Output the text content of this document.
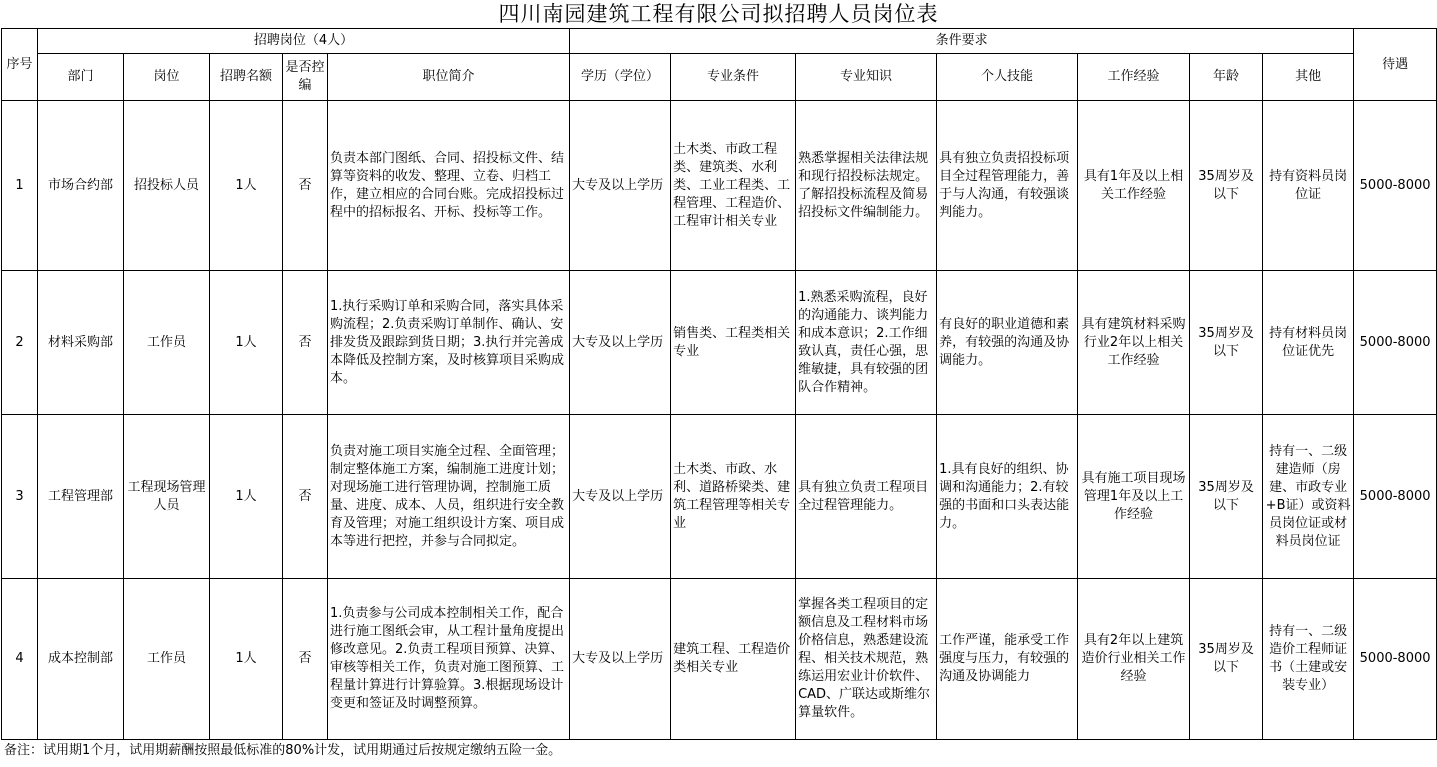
四川南园建筑工程有限公司拟招聘人员岗位表
序号	招聘岗位（4人）					条件要求							待遇
	部门	岗位	招聘名额	是否控编	职位简介	学历（学位）	专业条件	专业知识	个人技能	工作经验	年龄	其他	
1	市场合约部	招投标人员	1人	否	负责本部门图纸、合同、招投标文件、结算等资料的收发、整理、立卷、归档工作，建立相应的合同台账。完成招投标过程中的招标报名、开标、投标等工作。	大专及以上学历	土木类、市政工程类、建筑类、水利类、工业工程类、工程管理、工程造价、工程审计相关专业	熟悉掌握相关法律法规和现行招投标法规定。了解招投标流程及简易招投标文件编制能力。	具有独立负责招投标项目全过程管理能力，善于与人沟通，有较强谈判能力。	具有1年及以上相关工作经验	35周岁及以下	持有资料员岗位证	5000-8000
2	材料采购部	工作员	1人	否	1.执行采购订单和采购合同，落实具体采购流程；2.负责采购订单制作、确认、安排发货及跟踪到货日期；3.执行并完善成本降低及控制方案，及时核算项目采购成本。	大专及以上学历	销售类、工程类相关专业	1.熟悉采购流程，良好的沟通能力、谈判能力和成本意识；2.工作细致认真，责任心强，思维敏捷，具有较强的团队合作精神。	有良好的职业道德和素养，有较强的沟通及协调能力。	具有建筑材料采购行业2年以上相关工作经验	35周岁及以下	持有材料员岗位证优先	5000-8000
3	工程管理部	工程现场管理人员	1人	否	负责对施工项目实施全过程、全面管理；制定整体施工方案，编制施工进度计划；对现场施工进行管理协调，控制施工质量、进度、成本、人员，组织进行安全教育及管理；对施工组织设计方案、项目成本等进行把控，并参与合同拟定。	大专及以上学历	土木类、市政、水利、道路桥梁类、建筑工程管理等相关专业	具有独立负责工程项目全过程管理能力。	1.具有良好的组织、协调和沟通能力；2.有较强的书面和口头表达能力。	具有施工项目现场管理1年及以上工作经验	35周岁及以下	持有一、二级建造师（房建、市政专业+B证）或资料员岗位证或材料员岗位证	5000-8000
4	成本控制部	工作员	1人	否	1.负责参与公司成本控制相关工作，配合进行施工图纸会审，从工程计量角度提出修改意见。2.负责工程项目预算、决算、审核等相关工作，负责对施工图预算、工程量计算进行计算验算。3.根据现场设计变更和签证及时调整预算。	大专及以上学历	建筑工程、工程造价类相关专业	掌握各类工程项目的定额信息及工程材料市场价格信息，熟悉建设流程、相关技术规范，熟练运用宏业计价软件、CAD、广联达或斯维尔算量软件。	工作严谨，能承受工作强度与压力，有较强的沟通及协调能力	具有2年以上建筑造价行业相关工作经验	35周岁及以下	持有一、二级造价工程师证书（土建或安装专业）	5000-8000
备注：试用期1个月，试用期薪酬按照最低标准的80%计发，试用期通过后按规定缴纳五险一金。
